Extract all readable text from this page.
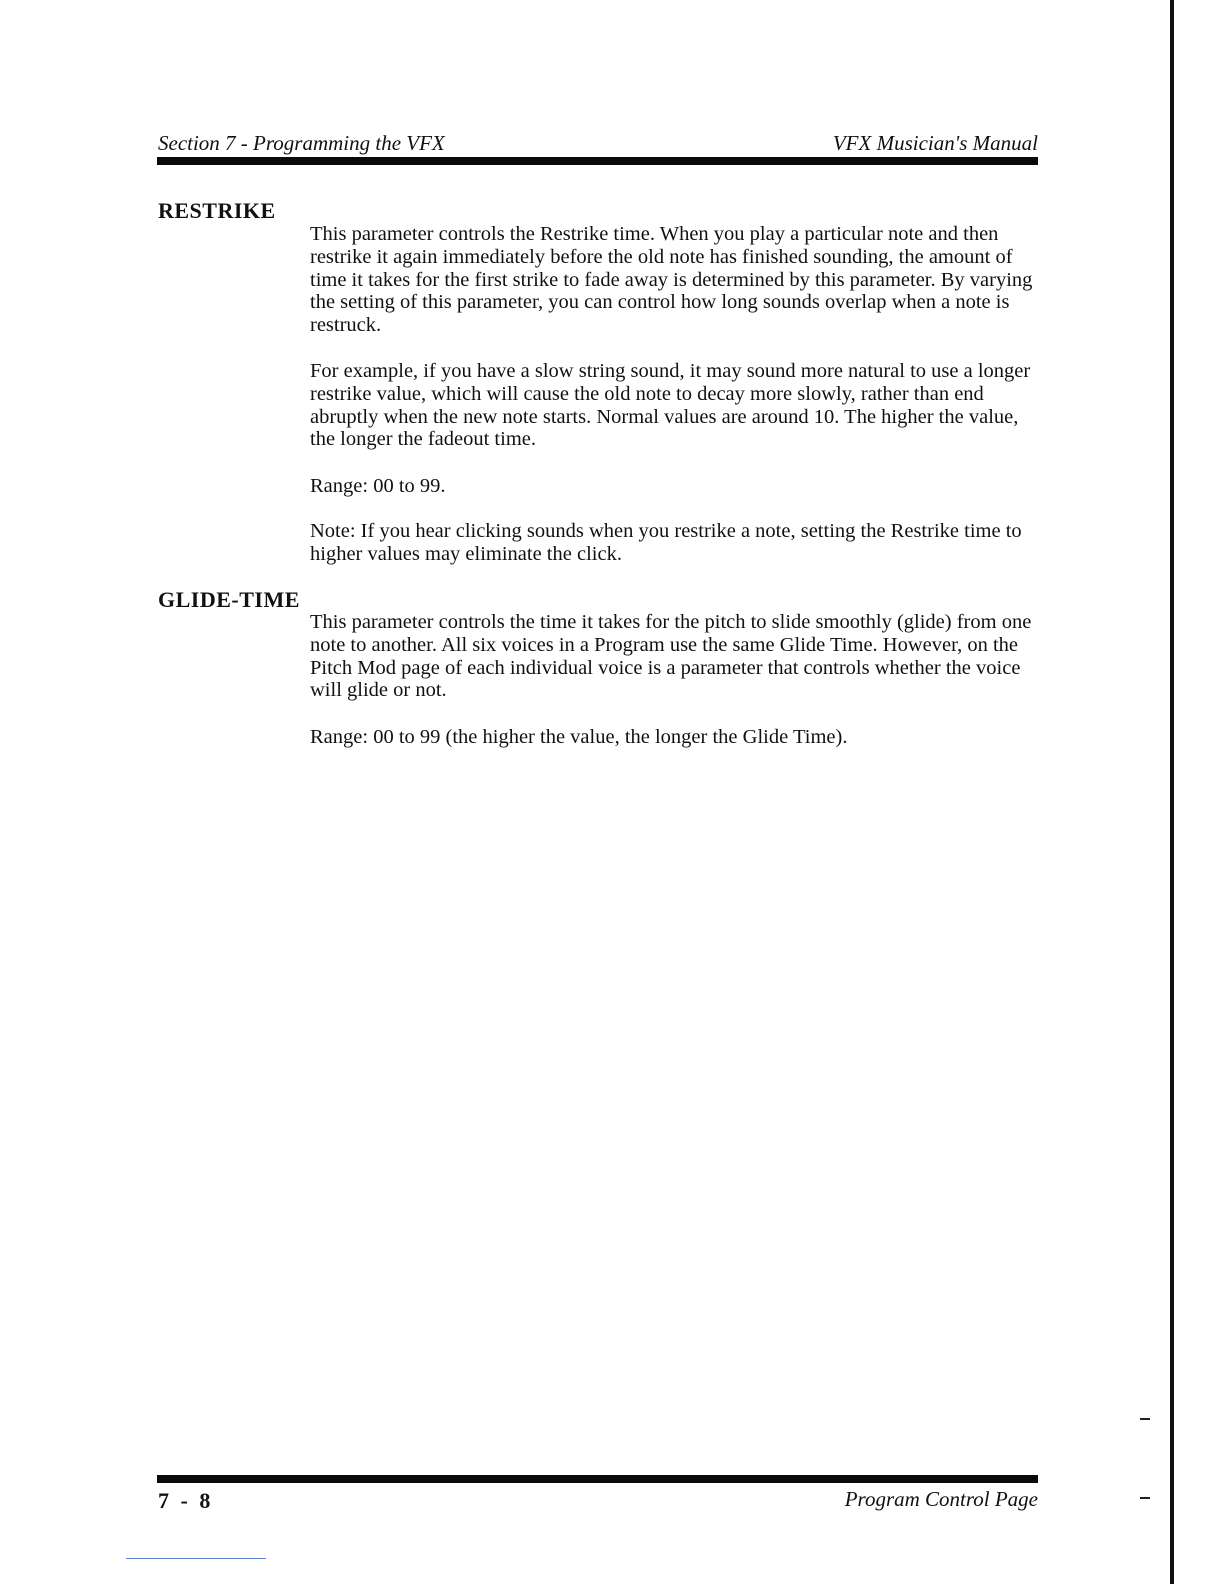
Section 7 - Programming the VFX	VFX Musician's Manual
RESTRIKE

This parameter controls the Restrike time. When you play a particular note and then restrike it again immediately before the old note has finished sounding, the amount of time it takes for the first strike to fade away is determined by this parameter. By varying the setting of this parameter, you can control how long sounds overlap when a note is restruck.

For example, if you have a slow string sound, it may sound more natural to use a longer restrike value, which will cause the old note to decay more slowly, rather than end abruptly when the new note starts. Normal values are around 10. The higher the value, the longer the fadeout time.

Range: 00 to 99.

Note: If you hear clicking sounds when you restrike a note, setting the Restrike time to higher values may eliminate the click.

GLIDE-TIME

This parameter controls the time it takes for the pitch to slide smoothly (glide) from one note to another. All six voices in a Program use the same Glide Time. However, on the Pitch Mod page of each individual voice is a parameter that controls whether the voice will glide or not.

Range: 00 to 99 (the higher the value, the longer the Glide Time).

7 - 8	Program Control Page
